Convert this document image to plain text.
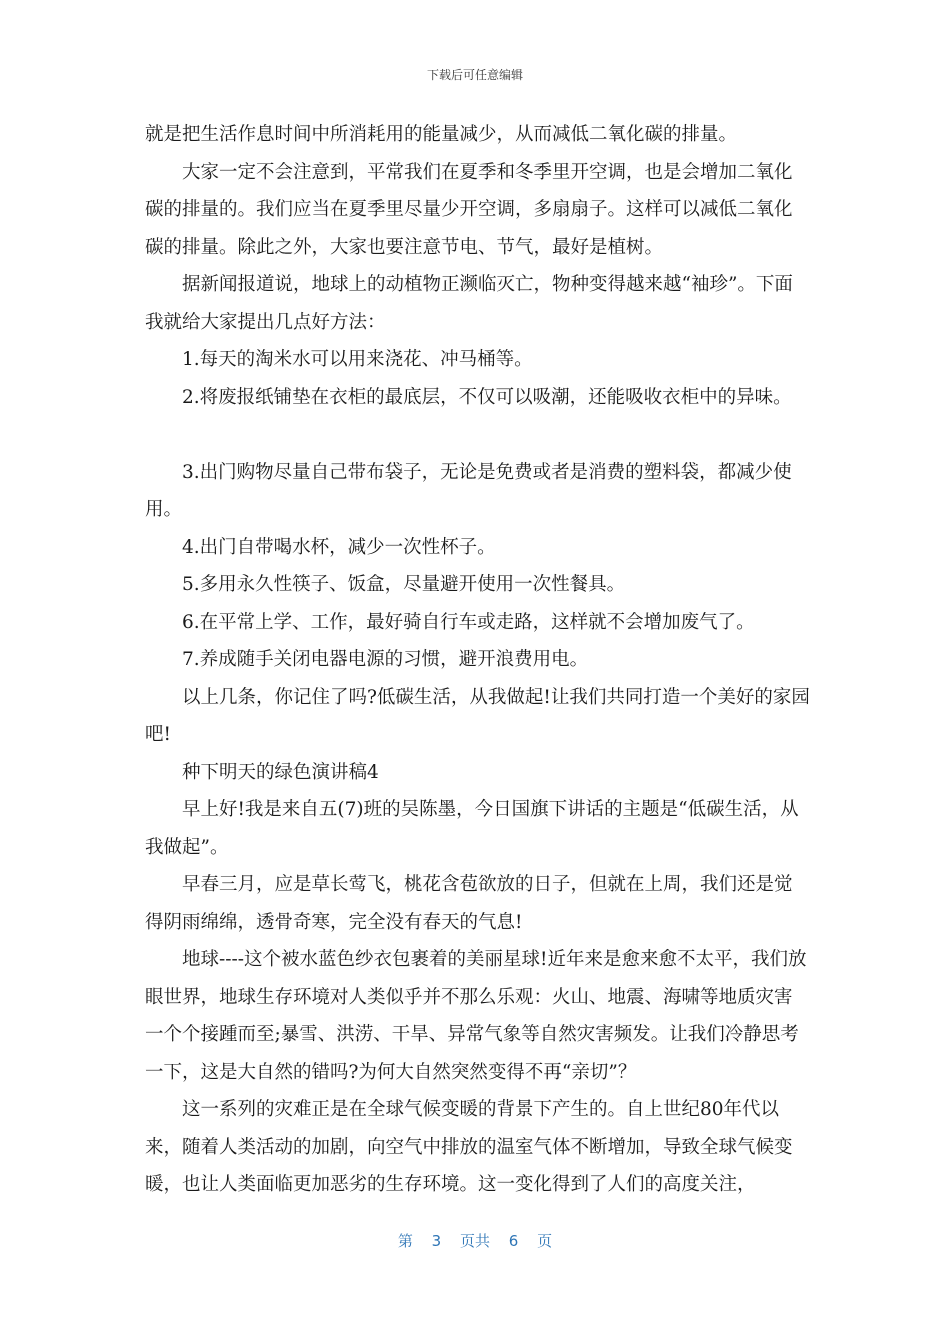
下载后可任意编辑

就是把生活作息时间中所消耗用的能量减少，从而减低二氧化碳的排量。

大家一定不会注意到，平常我们在夏季和冬季里开空调，也是会增加二氧化碳的排量的。我们应当在夏季里尽量少开空调，多扇扇子。这样可以减低二氧化碳的排量。除此之外，大家也要注意节电、节气，最好是植树。

据新闻报道说，地球上的动植物正濒临灭亡，物种变得越来越“袖珍”。下面我就给大家提出几点好方法：

1.每天的淘米水可以用来浇花、冲马桶等。

2.将废报纸铺垫在衣柜的最底层，不仅可以吸潮，还能吸收衣柜中的异味。

3.出门购物尽量自己带布袋子，无论是免费或者是消费的塑料袋，都减少使用。

4.出门自带喝水杯，减少一次性杯子。

5.多用永久性筷子、饭盒，尽量避开使用一次性餐具。

6.在平常上学、工作，最好骑自行车或走路，这样就不会增加废气了。

7.养成随手关闭电器电源的习惯，避开浪费用电。

以上几条，你记住了吗?低碳生活，从我做起!让我们共同打造一个美好的家园吧!

种下明天的绿色演讲稿4

早上好!我是来自五(7)班的吴陈墨，今日国旗下讲话的主题是“低碳生活，从我做起”。

早春三月，应是草长莺飞，桃花含苞欲放的日子，但就在上周，我们还是觉得阴雨绵绵，透骨奇寒，完全没有春天的气息!

地球----这个被水蓝色纱衣包裹着的美丽星球!近年来是愈来愈不太平，我们放眼世界，地球生存环境对人类似乎并不那么乐观：火山、地震、海啸等地质灾害一个个接踵而至;暴雪、洪涝、干旱、异常气象等自然灾害频发。让我们冷静思考一下，这是大自然的错吗?为何大自然突然变得不再“亲切”？

这一系列的灾难正是在全球气候变暖的背景下产生的。自上世纪80年代以来，随着人类活动的加剧，向空气中排放的温室气体不断增加，导致全球气候变暖，也让人类面临更加恶劣的生存环境。这一变化得到了人们的高度关注，

第 3 页共 6 页
